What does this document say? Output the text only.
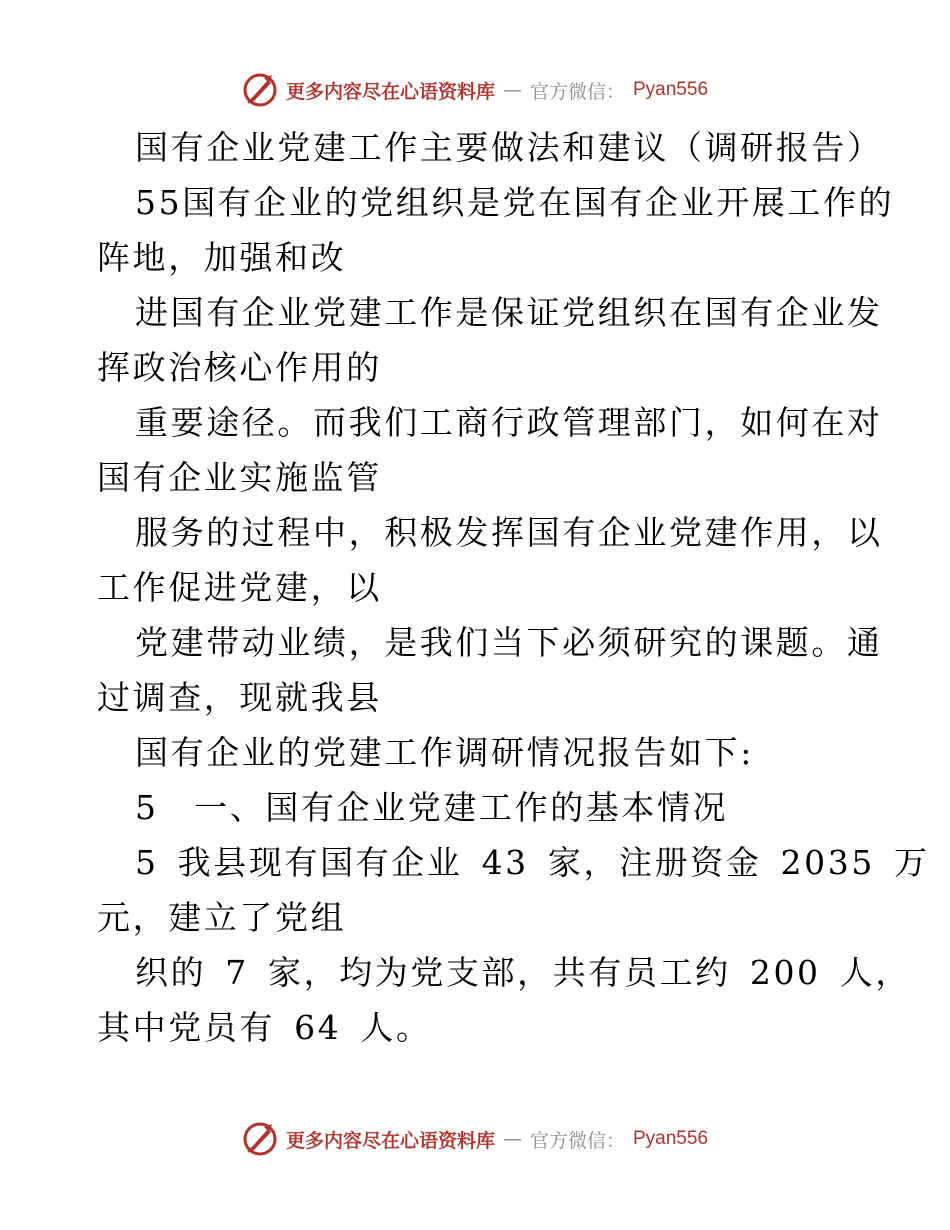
更多内容尽在心语资料库 — 官方微信： Pyan556
国有企业党建工作主要做法和建议（调研报告）
55国有企业的党组织是党在国有企业开展工作的
阵地，加强和改
进国有企业党建工作是保证党组织在国有企业发
挥政治核心作用的
重要途径。而我们工商行政管理部门，如何在对
国有企业实施监管
服务的过程中，积极发挥国有企业党建作用，以
工作促进党建，以
党建带动业绩，是我们当下必须研究的课题。通
过调查，现就我县
国有企业的党建工作调研情况报告如下:
5　一、国有企业党建工作的基本情况
5 我县现有国有企业 43 家，注册资金 2035 万
元，建立了党组
织的 7 家，均为党支部，共有员工约 200 人，
其中党员有 64 人。
更多内容尽在心语资料库 — 官方微信： Pyan556
